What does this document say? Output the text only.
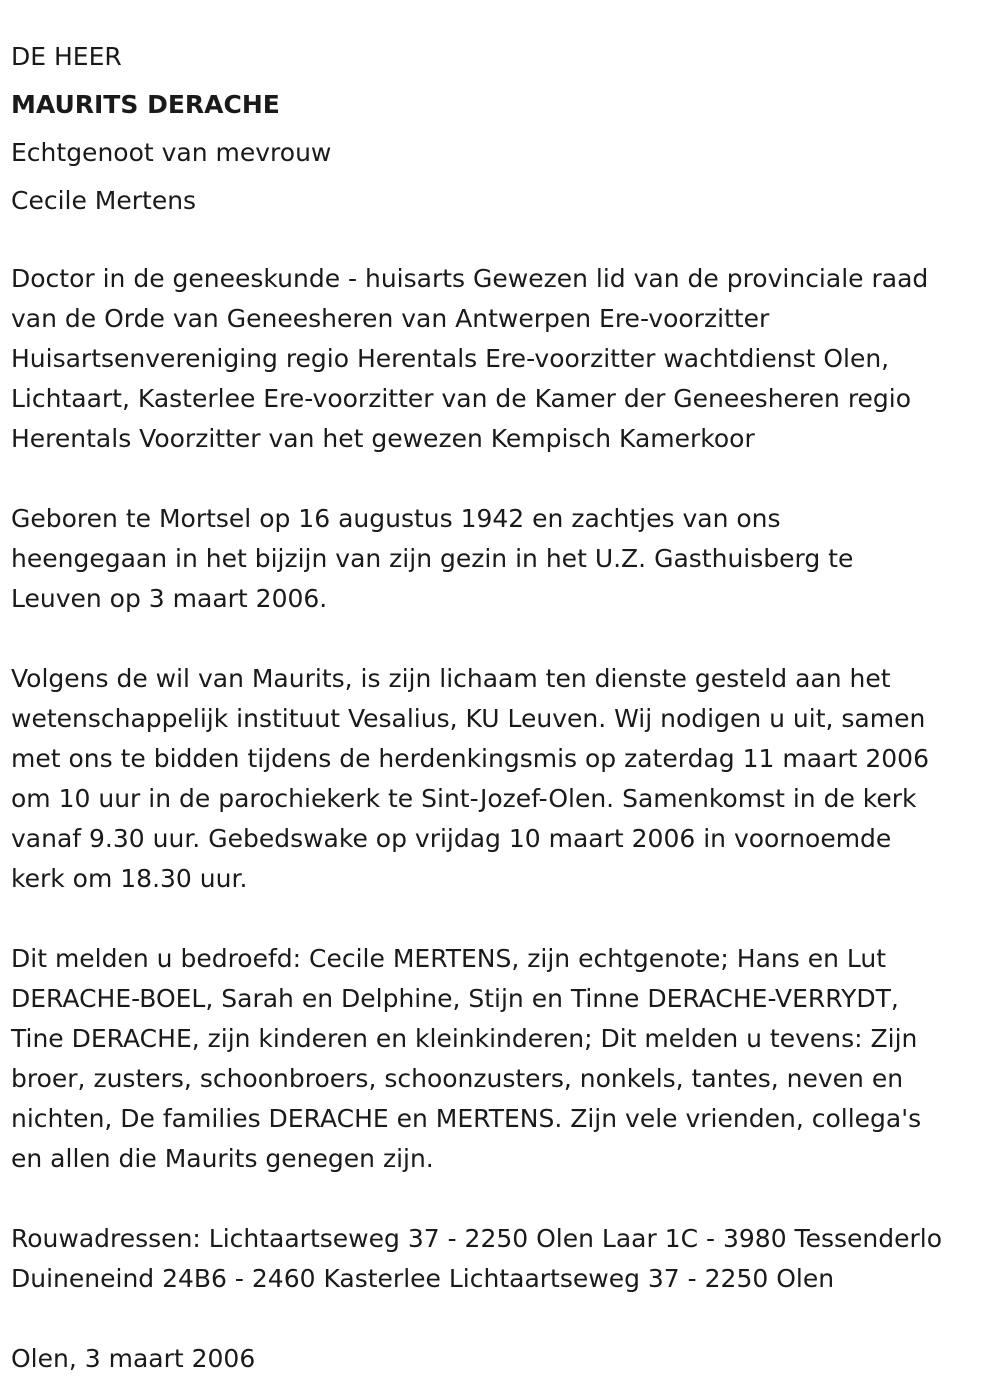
DE HEER

MAURITS DERACHE

Echtgenoot van mevrouw

Cecile Mertens

Doctor in de geneeskunde - huisarts Gewezen lid van de provinciale raad
van de Orde van Geneesheren van Antwerpen Ere-voorzitter
Huisartsenvereniging regio Herentals Ere-voorzitter wachtdienst Olen,
Lichtaart, Kasterlee Ere-voorzitter van de Kamer der Geneesheren regio
Herentals Voorzitter van het gewezen Kempisch Kamerkoor
Geboren te Mortsel op 16 augustus 1942 en zachtjes van ons
heengegaan in het bijzijn van zijn gezin in het U.Z. Gasthuisberg te
Leuven op 3 maart 2006.
Volgens de wil van Maurits, is zijn lichaam ten dienste gesteld aan het
wetenschappelijk instituut Vesalius, KU Leuven. Wij nodigen u uit, samen
met ons te bidden tijdens de herdenkingsmis op zaterdag 11 maart 2006
om 10 uur in de parochiekerk te Sint-Jozef-Olen. Samenkomst in de kerk
vanaf 9.30 uur. Gebedswake op vrijdag 10 maart 2006 in voornoemde
kerk om 18.30 uur.
Dit melden u bedroefd: Cecile MERTENS, zijn echtgenote; Hans en Lut
DERACHE-BOEL, Sarah en Delphine, Stijn en Tinne DERACHE-VERRYDT,
Tine DERACHE, zijn kinderen en kleinkinderen; Dit melden u tevens: Zijn
broer, zusters, schoonbroers, schoonzusters, nonkels, tantes, neven en
nichten, De families DERACHE en MERTENS. Zijn vele vrienden, collega's
en allen die Maurits genegen zijn.
Rouwadressen: Lichtaartseweg 37 - 2250 Olen Laar 1C - 3980 Tessenderlo
Duineneind 24B6 - 2460 Kasterlee Lichtaartseweg 37 - 2250 Olen
Olen, 3 maart 2006
